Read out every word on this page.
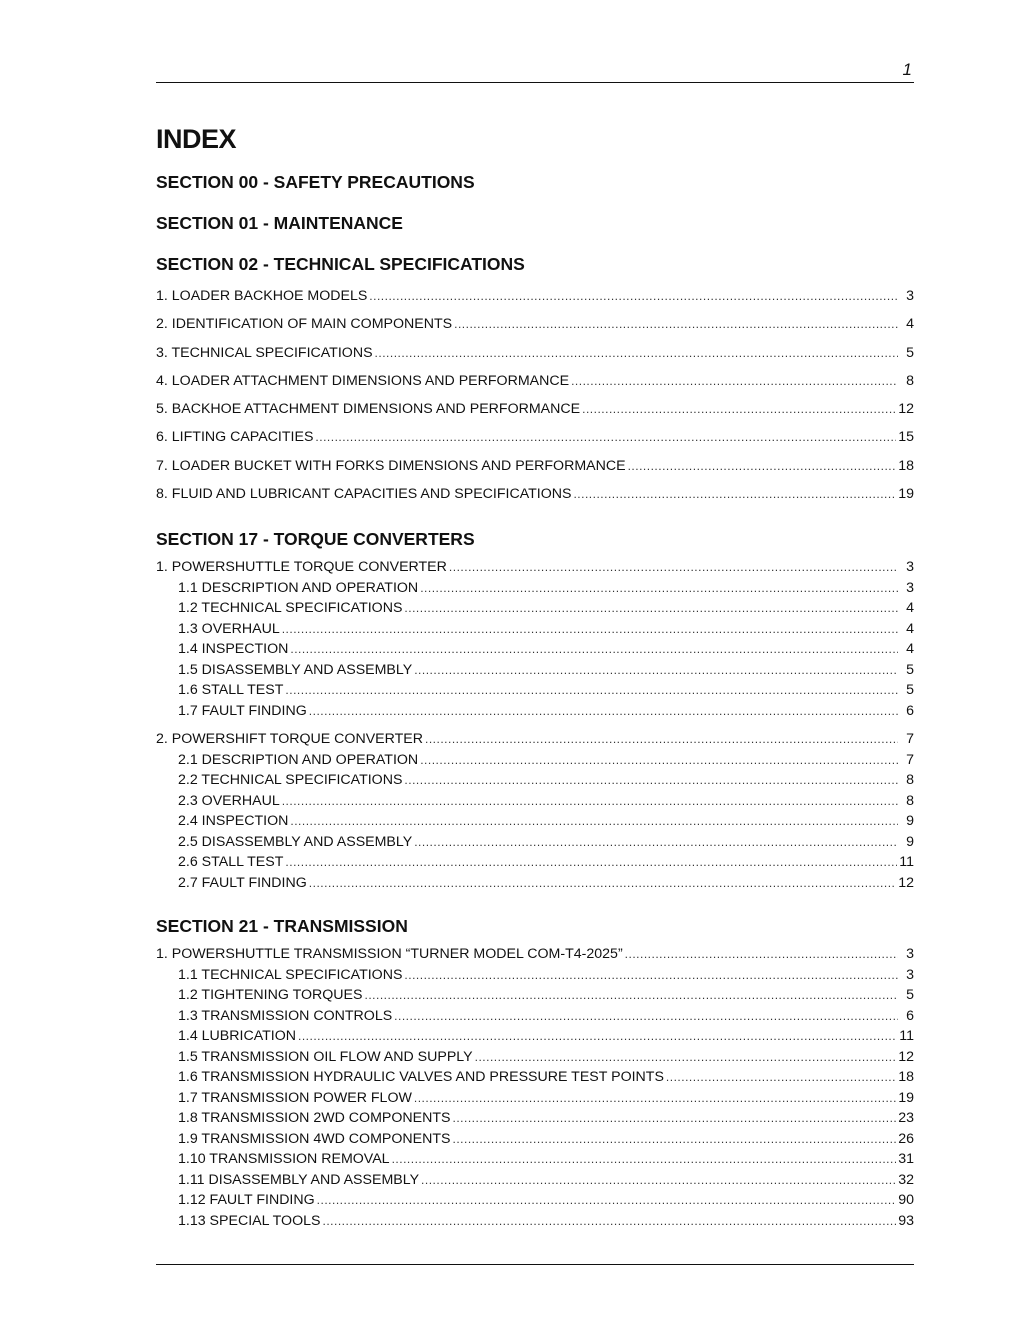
1
INDEX
SECTION 00 - SAFETY PRECAUTIONS
SECTION 01 - MAINTENANCE
SECTION 02 - TECHNICAL SPECIFICATIONS
1. LOADER BACKHOE MODELS .....	3
2. IDENTIFICATION OF MAIN COMPONENTS .....	4
3. TECHNICAL SPECIFICATIONS .....	5
4. LOADER ATTACHMENT DIMENSIONS AND PERFORMANCE .....	8
5. BACKHOE ATTACHMENT DIMENSIONS AND PERFORMANCE .....	12
6. LIFTING CAPACITIES .....	15
7. LOADER BUCKET WITH FORKS DIMENSIONS AND PERFORMANCE .....	18
8. FLUID AND LUBRICANT CAPACITIES AND SPECIFICATIONS .....	19
SECTION 17 - TORQUE CONVERTERS
1. POWERSHUTTLE TORQUE CONVERTER .....	3
1.1 DESCRIPTION AND OPERATION .....	3
1.2 TECHNICAL SPECIFICATIONS .....	4
1.3 OVERHAUL .....	4
1.4 INSPECTION .....	4
1.5 DISASSEMBLY AND ASSEMBLY .....	5
1.6 STALL TEST .....	5
1.7 FAULT FINDING .....	6
2. POWERSHIFT TORQUE CONVERTER .....	7
2.1 DESCRIPTION AND OPERATION .....	7
2.2 TECHNICAL SPECIFICATIONS .....	8
2.3 OVERHAUL .....	8
2.4 INSPECTION .....	9
2.5 DISASSEMBLY AND ASSEMBLY .....	9
2.6 STALL TEST .....	11
2.7 FAULT FINDING .....	12
SECTION 21 - TRANSMISSION
1. POWERSHUTTLE TRANSMISSION “TURNER MODEL COM-T4-2025” .....	3
1.1 TECHNICAL SPECIFICATIONS .....	3
1.2 TIGHTENING TORQUES .....	5
1.3 TRANSMISSION CONTROLS .....	6
1.4 LUBRICATION .....	11
1.5 TRANSMISSION OIL FLOW AND SUPPLY .....	12
1.6 TRANSMISSION HYDRAULIC VALVES AND PRESSURE TEST POINTS .....	18
1.7 TRANSMISSION POWER FLOW .....	19
1.8 TRANSMISSION 2WD COMPONENTS .....	23
1.9 TRANSMISSION 4WD COMPONENTS .....	26
1.10 TRANSMISSION REMOVAL .....	31
1.11 DISASSEMBLY AND ASSEMBLY .....	32
1.12 FAULT FINDING .....	90
1.13 SPECIAL TOOLS .....	93
